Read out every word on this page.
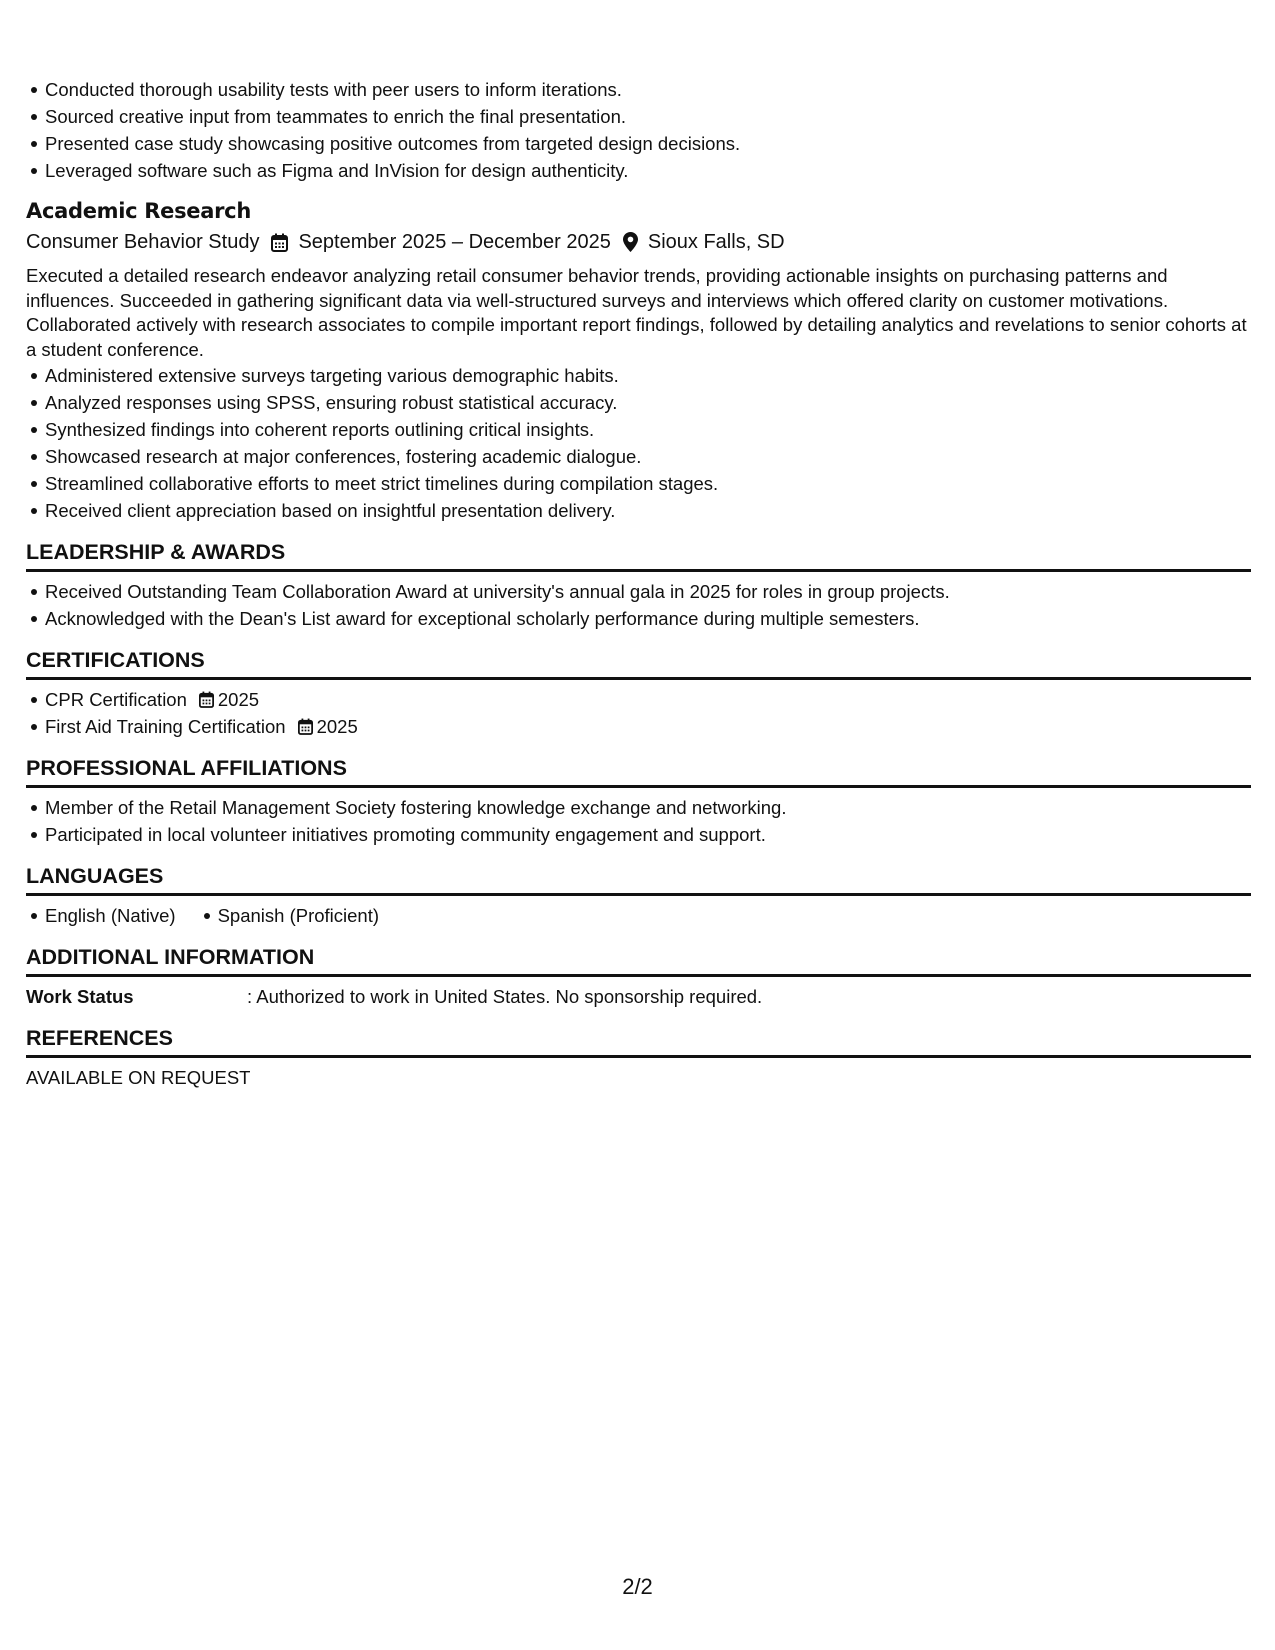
Conducted thorough usability tests with peer users to inform iterations.
Sourced creative input from teammates to enrich the final presentation.
Presented case study showcasing positive outcomes from targeted design decisions.
Leveraged software such as Figma and InVision for design authenticity.
Academic Research
Consumer Behavior Study September 2025 – December 2025 Sioux Falls, SD
Executed a detailed research endeavor analyzing retail consumer behavior trends, providing actionable insights on purchasing patterns and influences. Succeeded in gathering significant data via well-structured surveys and interviews which offered clarity on customer motivations. Collaborated actively with research associates to compile important report findings, followed by detailing analytics and revelations to senior cohorts at a student conference.
Administered extensive surveys targeting various demographic habits.
Analyzed responses using SPSS, ensuring robust statistical accuracy.
Synthesized findings into coherent reports outlining critical insights.
Showcased research at major conferences, fostering academic dialogue.
Streamlined collaborative efforts to meet strict timelines during compilation stages.
Received client appreciation based on insightful presentation delivery.
LEADERSHIP & AWARDS
Received Outstanding Team Collaboration Award at university's annual gala in 2025 for roles in group projects.
Acknowledged with the Dean's List award for exceptional scholarly performance during multiple semesters.
CERTIFICATIONS
CPR Certification 2025
First Aid Training Certification 2025
PROFESSIONAL AFFILIATIONS
Member of the Retail Management Society fostering knowledge exchange and networking.
Participated in local volunteer initiatives promoting community engagement and support.
LANGUAGES
English (Native) Spanish (Proficient)
ADDITIONAL INFORMATION
Work Status	: Authorized to work in United States. No sponsorship required.
REFERENCES
AVAILABLE ON REQUEST
2/2
